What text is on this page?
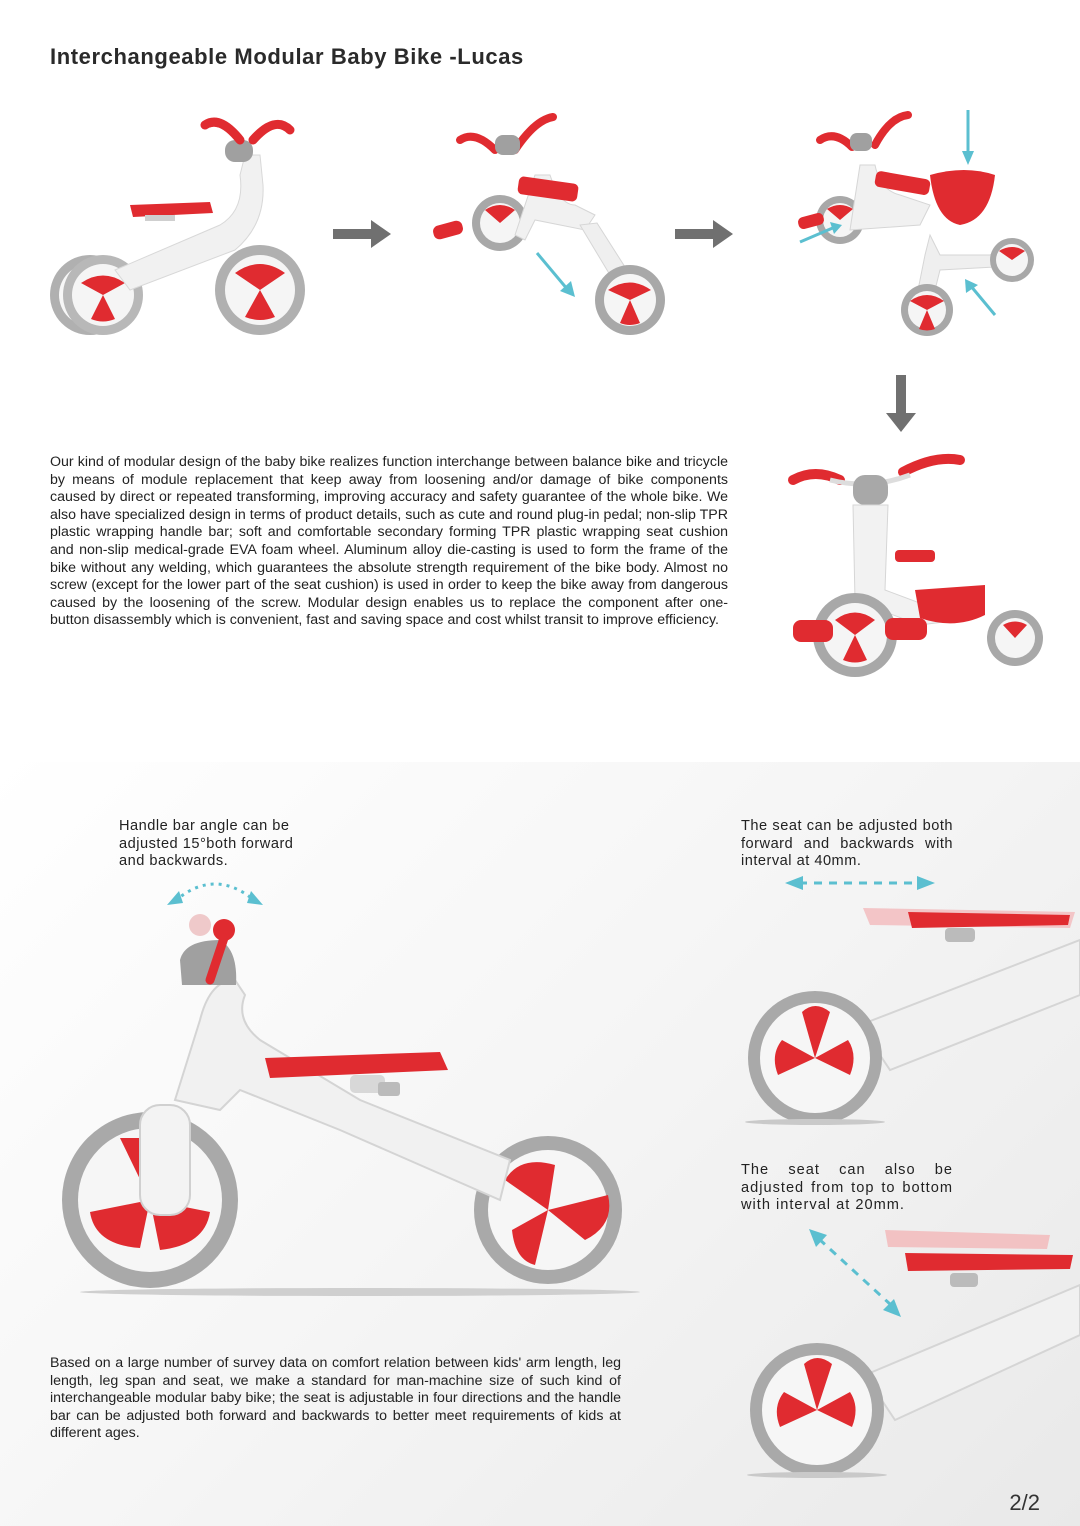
Interchangeable Modular Baby Bike -Lucas
Our kind of modular design of the baby bike realizes function interchange between balance bike and tricycle by means of module replacement that keep away from loosening and/or damage of bike components caused by direct or repeated transforming, improving accuracy and safety guarantee of the whole bike. We also have specialized design in terms of product details, such as cute and round plug-in pedal; non-slip TPR plastic wrapping handle bar; soft and comfortable secondary forming TPR plastic wrapping seat cushion and non-slip medical-grade EVA foam wheel. Aluminum alloy die-casting is used to form the frame of the bike without any welding, which guarantees the absolute strength requirement of the bike body. Almost no screw (except for the lower part of the seat cushion) is used in order to keep the bike away from dangerous caused by the loosening of the screw. Modular design enables us to replace the component after one-button disassembly which is convenient, fast and saving space and cost whilst transit to improve efficiency.
Handle bar angle can be adjusted 15°both forward and backwards.
The seat can be adjusted both forward and backwards with interval at 40mm.
The seat can also be adjusted from top to bottom with interval at 20mm.
Based on a large number of survey data on comfort relation between kids' arm length, leg length, leg span and seat, we make a standard for man-machine size of such kind of interchangeable modular baby bike; the seat is adjustable in four directions and the handle bar can be adjusted both forward and backwards to better meet requirements of kids at different ages.
2/2
